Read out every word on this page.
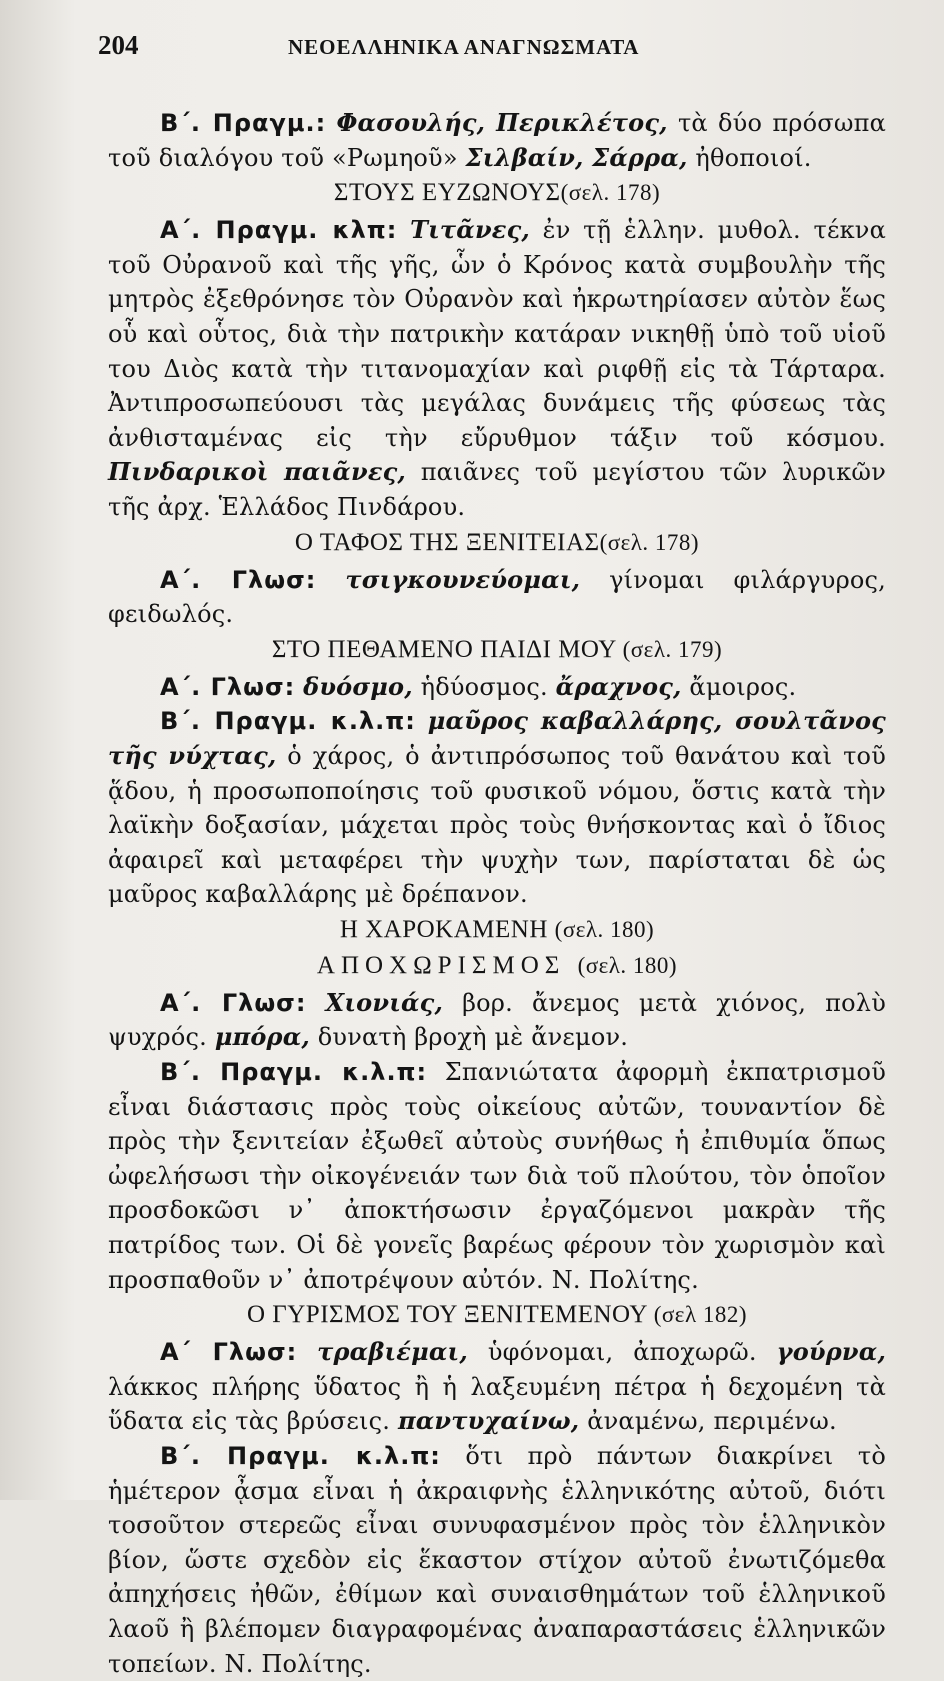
204	ΝΕΟΕΛΛΗΝΙΚΑ ΑΝΑΓΝΩΣΜΑΤΑ

Β΄. Πραγμ.: Φασουλής, Περικλέτος, τὰ δύο πρόσωπα τοῦ διαλόγου τοῦ «Ρωμηοῦ» Σιλβαίν, Σάρρα, ἠθοποιοί.

ΣΤΟΥΣ ΕΥΖΩΝΟΥΣ(σελ. 178)

Α΄. Πραγμ. κλπ: Τιτᾶνες, ἐν τῇ ἑλλην. μυθολ. τέκνα τοῦ Οὐρανοῦ καὶ τῆς γῆς, ὧν ὁ Κρόνος κατὰ συμβουλὴν τῆς μητρὸς ἐξεθρόνησε τὸν Οὐρανὸν καὶ ἠκρωτηρίασεν αὐτὸν ἕως οὗ καὶ οὗτος, διὰ τὴν πατρικὴν κατάραν νικηθῇ ὑπὸ τοῦ υἱοῦ του Διὸς κατὰ τὴν τιτανομαχίαν καὶ ριφθῇ εἰς τὰ Τάρταρα. Ἀντιπροσωπεύουσι τὰς μεγάλας δυνάμεις τῆς φύσεως τὰς ἀνθισταμένας εἰς τὴν εὔρυθμον τάξιν τοῦ κόσμου. Πινδαρικοὶ παιᾶνες, παιᾶνες τοῦ μεγίστου τῶν λυρικῶν τῆς ἀρχ. Ἑλλάδος Πινδάρου.

Ο ΤΑΦΟΣ ΤΗΣ ΞΕΝΙΤΕΙΑΣ(σελ. 178)

Α΄. Γλωσ: τσιγκουνεύομαι, γίνομαι φιλάργυρος, φειδωλός.

ΣΤΟ ΠΕΘΑΜΕΝΟ ΠΑΙΔΙ ΜΟΥ (σελ. 179)

Α΄. Γλωσ: δυόσμο, ἡδύοσμος. ἄραχνος, ἄμοιρος.

Β΄. Πραγμ. κ.λ.π: μαῦρος καβαλλάρης, σουλτᾶνος τῆς νύχτας, ὁ χάρος, ὁ ἀντιπρόσωπος τοῦ θανάτου καὶ τοῦ ᾅδου, ἡ προσωποποίησις τοῦ φυσικοῦ νόμου, ὅστις κατὰ τὴν λαϊκὴν δοξασίαν, μάχεται πρὸς τοὺς θνήσκοντας καὶ ὁ ἴδιος ἀφαιρεῖ καὶ μεταφέρει τὴν ψυχὴν των, παρίσταται δὲ ὡς μαῦρος καβαλλάρης μὲ δρέπανον.

Η ΧΑΡΟΚΑΜΕΝΗ (σελ. 180)
ΑΠΟΧΩΡΙΣΜΟΣ (σελ. 180)

Α΄. Γλωσ: Χιονιάς, βορ. ἄνεμος μετὰ χιόνος, πολὺ ψυχρός. μπόρα, δυνατὴ βροχὴ μὲ ἄνεμον.

Β΄. Πραγμ. κ.λ.π: Σπανιώτατα ἀφορμὴ ἐκπατρισμοῦ εἶναι διάστασις πρὸς τοὺς οἰκείους αὐτῶν, τουναντίον δὲ πρὸς τὴν ξενιτείαν ἐξωθεῖ αὐτοὺς συνήθως ἡ ἐπιθυμία ὅπως ὠφελήσωσι τὴν οἰκογένειάν των διὰ τοῦ πλούτου, τὸν ὁποῖον προσδοκῶσι ν᾽ ἀποκτήσωσιν ἐργαζόμενοι μακρὰν τῆς πατρίδος των. Οἱ δὲ γονεῖς βαρέως φέρουν τὸν χωρισμὸν καὶ προσπαθοῦν ν᾽ ἀποτρέψουν αὐτόν. Ν. Πολίτης.

Ο ΓΥΡΙΣΜΟΣ ΤΟΥ ΞΕΝΙΤΕΜΕΝΟΥ (σελ 182)

Α΄ Γλωσ: τραβιέμαι, ὑφόνομαι, ἀποχωρῶ. γούρνα, λάκκος πλήρης ὕδατος ἢ ἡ λαξευμένη πέτρα ἡ δεχομένη τὰ ὕδατα εἰς τὰς βρύσεις. παντυχαίνω, ἀναμένω, περιμένω.

Β΄. Πραγμ. κ.λ.π: ὅτι πρὸ πάντων διακρίνει τὸ ἡμέτερον ᾆσμα εἶναι ἡ ἀκραιφνὴς ἑλληνικότης αὐτοῦ, διότι τοσοῦτον στερεῶς εἶναι συνυφασμένον πρὸς τὸν ἑλληνικὸν βίον, ὥστε σχεδὸν εἰς ἕκαστον στίχον αὐτοῦ ἐνωτιζόμεθα ἀπηχήσεις ἠθῶν, ἐθίμων καὶ συναισθημάτων τοῦ ἑλληνικοῦ λαοῦ ἢ βλέπομεν διαγραφομένας ἀναπαραστάσεις ἑλληνικῶν τοπείων. Ν. Πολίτης.
